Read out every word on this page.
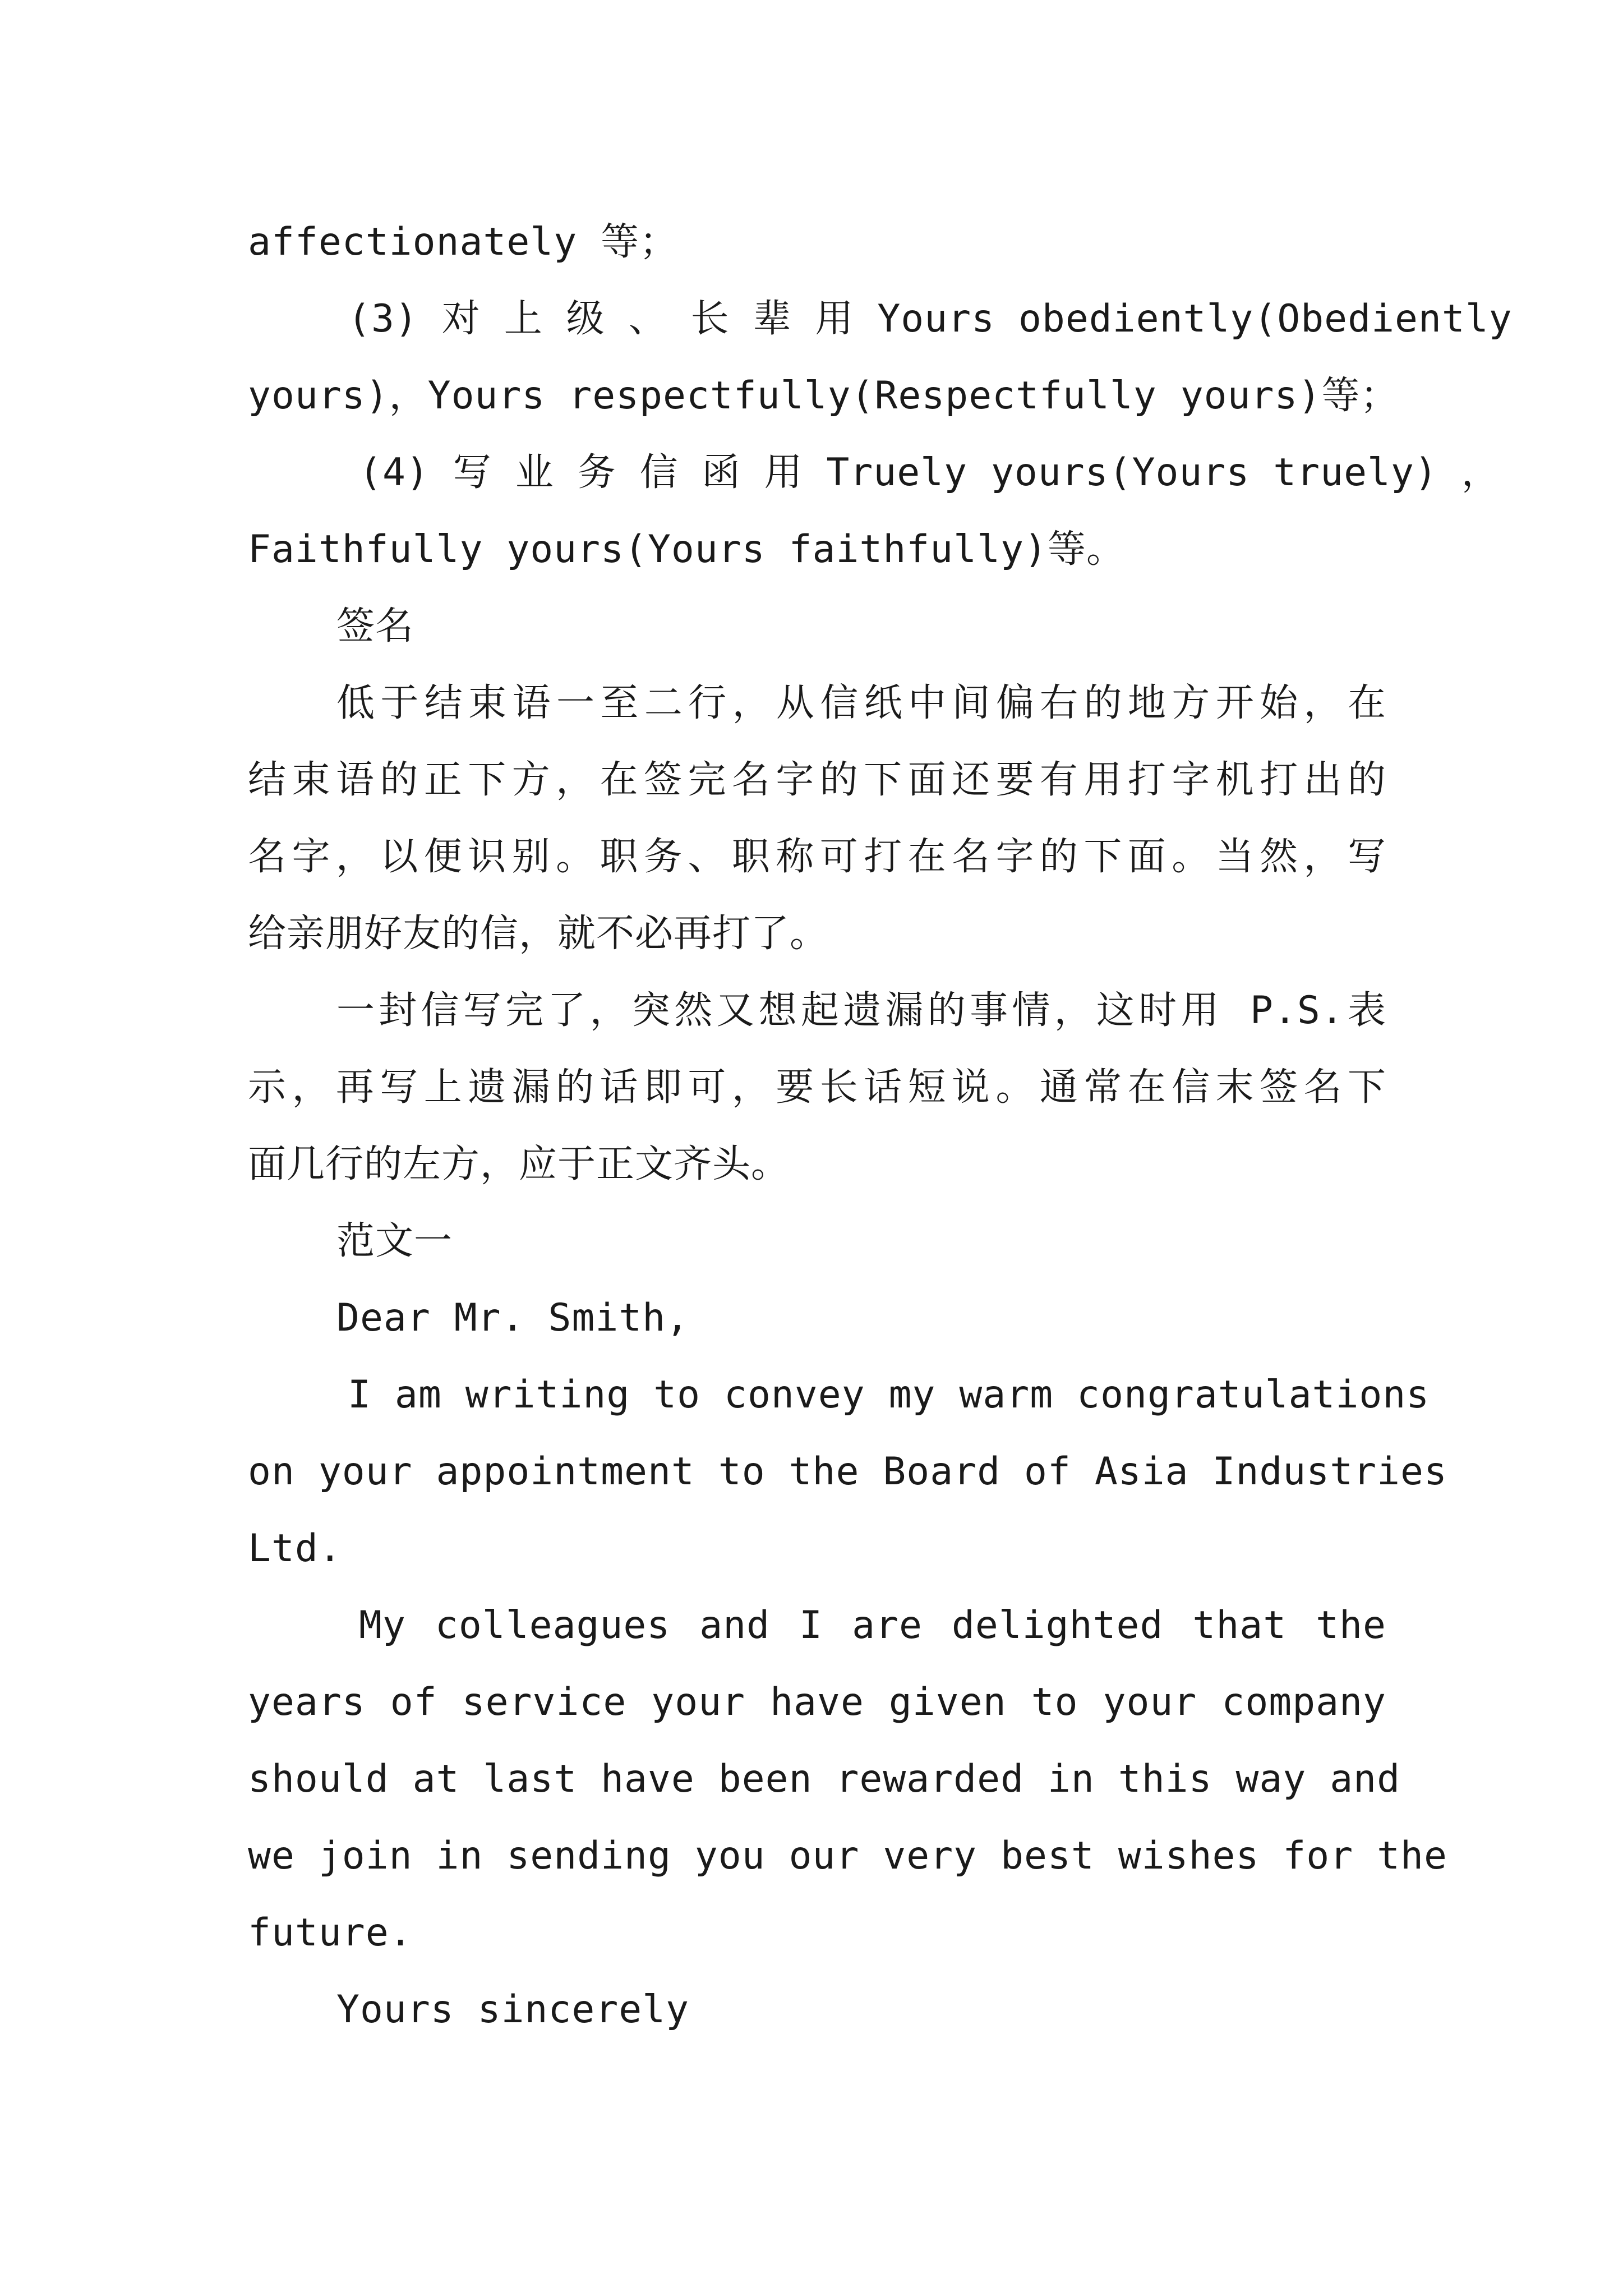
affectionately 等；
(3) 对 上 级 、 长 辈 用 Yours obediently(Obediently
yours)，Yours respectfully(Respectfully yours)等；
(4) 写 业 务 信 函 用 Truely yours(Yours truely) ，
Faithfully yours(Yours faithfully)等。
签名
低于结束语一至二行，从信纸中间偏右的地方开始，在
结束语的正下方，在签完名字的下面还要有用打字机打出的
名字，以便识别。职务、职称可打在名字的下面。当然，写
给亲朋好友的信，就不必再打了。
一封信写完了，突然又想起遗漏的事情，这时用 P.S.表
示，再写上遗漏的话即可，要长话短说。通常在信末签名下
面几行的左方，应于正文齐头。
范文一
Dear Mr. Smith,
I am writing to convey my warm congratulations
on your appointment to the Board of Asia Industries
Ltd.
My colleagues and I are delighted that the
years of service your have given to your company
should at last have been rewarded in this way and
we join in sending you our very best wishes for the
future.
Yours sincerely
